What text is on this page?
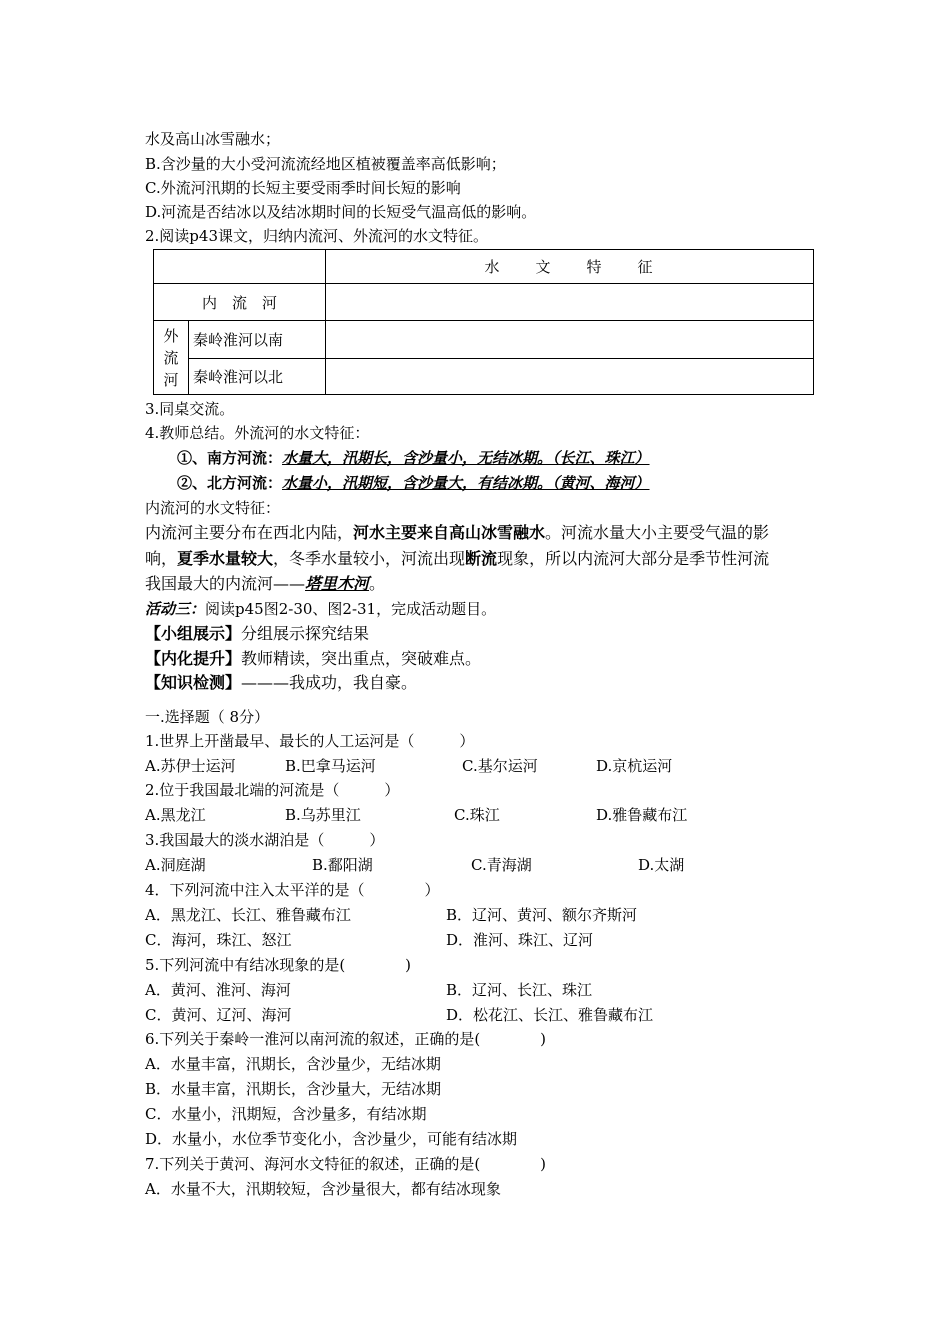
水及高山冰雪融水；
B.含沙量的大小受河流流经地区植被覆盖率高低影响；
C.外流河汛期的长短主要受雨季时间长短的影响
D.河流是否结冰以及结冰期时间的长短受气温高低的影响。
2.阅读p43课文，归纳内流河、外流河的水文特征。
		水　　文　　特　　征
内　流　河		
外流河	秦岭淮河以南	
	秦岭淮河以北	
3.同桌交流。
4.教师总结。外流河的水文特征：
①、南方河流：水量大，汛期长，含沙量小，无结冰期。（长江、珠江）
②、北方河流：水量小，汛期短，含沙量大，有结冰期。（黄河、海河）
内流河的水文特征：
内流河主要分布在西北内陆，河水主要来自高山冰雪融水。河流水量大小主要受气温的影
响，夏季水量较大，冬季水量较小，河流出现断流现象，所以内流河大部分是季节性河流
我国最大的内流河——塔里木河。
活动三：阅读p45图2-30、图2-31，完成活动题目。
【小组展示】分组展示探究结果
【内化提升】教师精读，突出重点，突破难点。
【知识检测】———我成功，我自豪。
一.选择题（ 8分）
1.世界上开凿最早、最长的人工运河是（　　　）
A.苏伊士运河	B.巴拿马运河	C.基尔运河	D.京杭运河
2.位于我国最北端的河流是（　　　）
A.黑龙江	B.乌苏里江	C.珠江	D.雅鲁藏布江
3.我国最大的淡水湖泊是（　　　）
A.洞庭湖	B.鄱阳湖	C.青海湖	D.太湖
4．下列河流中注入太平洋的是（　　　　）
A．黑龙江、长江、雅鲁藏布江	B．辽河、黄河、额尔齐斯河
C．海河，珠江、怒江	D．淮河、珠江、辽河
5.下列河流中有结冰现象的是(　　　　)
A．黄河、淮河、海河	B．辽河、长江、珠江
C．黄河、辽河、海河	D．松花江、长江、雅鲁藏布江
6.下列关于秦岭一淮河以南河流的叙述，正确的是(　　　　)
A．水量丰富，汛期长，含沙量少，无结冰期
B．水量丰富，汛期长，含沙量大，无结冰期
C．水量小，汛期短，含沙量多，有结冰期
D．水量小，水位季节变化小，含沙量少，可能有结冰期
7.下列关于黄河、海河水文特征的叙述，正确的是(　　　　)
A．水量不大，汛期较短，含沙量很大，都有结冰现象
